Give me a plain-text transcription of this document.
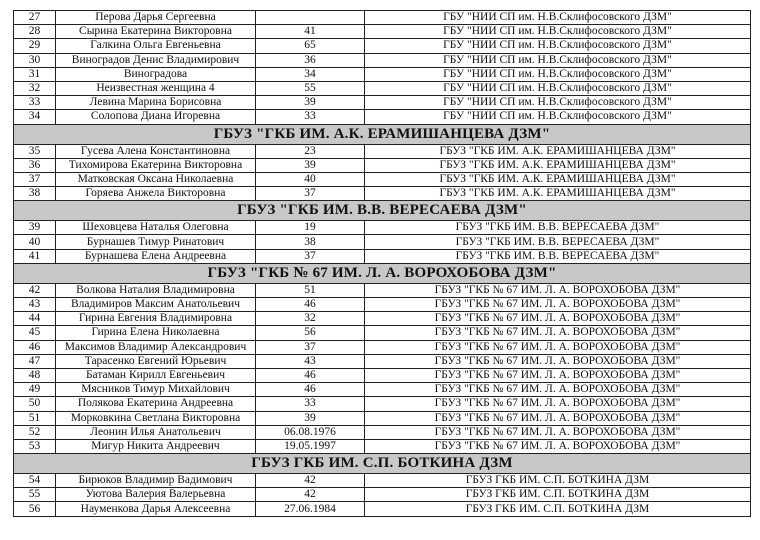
27	Перова Дарья Сергеевна		ГБУ "НИИ СП им. Н.В.Склифосовского ДЗМ"
28	Сырина Екатерина Викторовна	41	ГБУ "НИИ СП им. Н.В.Склифосовского ДЗМ"
29	Галкина Ольга Евгеньевна	65	ГБУ "НИИ СП им. Н.В.Склифосовского ДЗМ"
30	Виноградов Денис Владимирович	36	ГБУ "НИИ СП им. Н.В.Склифосовского ДЗМ"
31	Виноградова	34	ГБУ "НИИ СП им. Н.В.Склифосовского ДЗМ"
32	Неизвестная женщина 4	55	ГБУ "НИИ СП им. Н.В.Склифосовского ДЗМ"
33	Левина Марина Борисовна	39	ГБУ "НИИ СП им. Н.В.Склифосовского ДЗМ"
34	Солопова Диана Игоревна	33	ГБУ "НИИ СП им. Н.В.Склифосовского ДЗМ"
ГБУЗ "ГКБ ИМ. А.К. ЕРАМИШАНЦЕВА ДЗМ"			
35	Гусева Алена Константиновна	23	ГБУЗ "ГКБ ИМ. А.К. ЕРАМИШАНЦЕВА ДЗМ"
36	Тихомирова Екатерина Викторовна	39	ГБУЗ "ГКБ ИМ. А.К. ЕРАМИШАНЦЕВА ДЗМ"
37	Матковская Оксана Николаевна	40	ГБУЗ "ГКБ ИМ. А.К. ЕРАМИШАНЦЕВА ДЗМ"
38	Горяева Анжела Викторовна	37	ГБУЗ "ГКБ ИМ. А.К. ЕРАМИШАНЦЕВА ДЗМ"
ГБУЗ "ГКБ ИМ. В.В. ВЕРЕСАЕВА ДЗМ"			
39	Шеховцева Наталья Олеговна	19	ГБУЗ "ГКБ ИМ. В.В. ВЕРЕСАЕВА ДЗМ"
40	Бурнашев Тимур Ринатович	38	ГБУЗ "ГКБ ИМ. В.В. ВЕРЕСАЕВА ДЗМ"
41	Бурнашева Елена Андреевна	37	ГБУЗ "ГКБ ИМ. В.В. ВЕРЕСАЕВА ДЗМ"
ГБУЗ "ГКБ № 67 ИМ. Л. А. ВОРОХОБОВА ДЗМ"			
42	Волкова Наталия Владимировна	51	ГБУЗ "ГКБ № 67 ИМ. Л. А. ВОРОХОБОВА ДЗМ"
43	Владимиров Максим Анатольевич	46	ГБУЗ "ГКБ № 67 ИМ. Л. А. ВОРОХОБОВА ДЗМ"
44	Гирина Евгения Владимировна	32	ГБУЗ "ГКБ № 67 ИМ. Л. А. ВОРОХОБОВА ДЗМ"
45	Гирина Елена Николаевна	56	ГБУЗ "ГКБ № 67 ИМ. Л. А. ВОРОХОБОВА ДЗМ"
46	Максимов Владимир Александрович	37	ГБУЗ "ГКБ № 67 ИМ. Л. А. ВОРОХОБОВА ДЗМ"
47	Тарасенко Евгений Юрьевич	43	ГБУЗ "ГКБ № 67 ИМ. Л. А. ВОРОХОБОВА ДЗМ"
48	Батаман Кирилл Евгеньевич	46	ГБУЗ "ГКБ № 67 ИМ. Л. А. ВОРОХОБОВА ДЗМ"
49	Мясников Тимур Михайлович	46	ГБУЗ "ГКБ № 67 ИМ. Л. А. ВОРОХОБОВА ДЗМ"
50	Полякова Екатерина Андреевна	33	ГБУЗ "ГКБ № 67 ИМ. Л. А. ВОРОХОБОВА ДЗМ"
51	Морковкина Светлана Викторовна	39	ГБУЗ "ГКБ № 67 ИМ. Л. А. ВОРОХОБОВА ДЗМ"
52	Леонин Илья Анатольевич	06.08.1976	ГБУЗ "ГКБ № 67 ИМ. Л. А. ВОРОХОБОВА ДЗМ"
53	Мигур Никита Андреевич	19.05.1997	ГБУЗ "ГКБ № 67 ИМ. Л. А. ВОРОХОБОВА ДЗМ"
ГБУЗ ГКБ ИМ. С.П. БОТКИНА ДЗМ			
54	Бирюков Владимир Вадимович	42	ГБУЗ ГКБ ИМ. С.П. БОТКИНА ДЗМ
55	Уютова Валерия Валерьевна	42	ГБУЗ ГКБ ИМ. С.П. БОТКИНА ДЗМ
56	Науменкова Дарья Алексеевна	27.06.1984	ГБУЗ ГКБ ИМ. С.П. БОТКИНА ДЗМ
